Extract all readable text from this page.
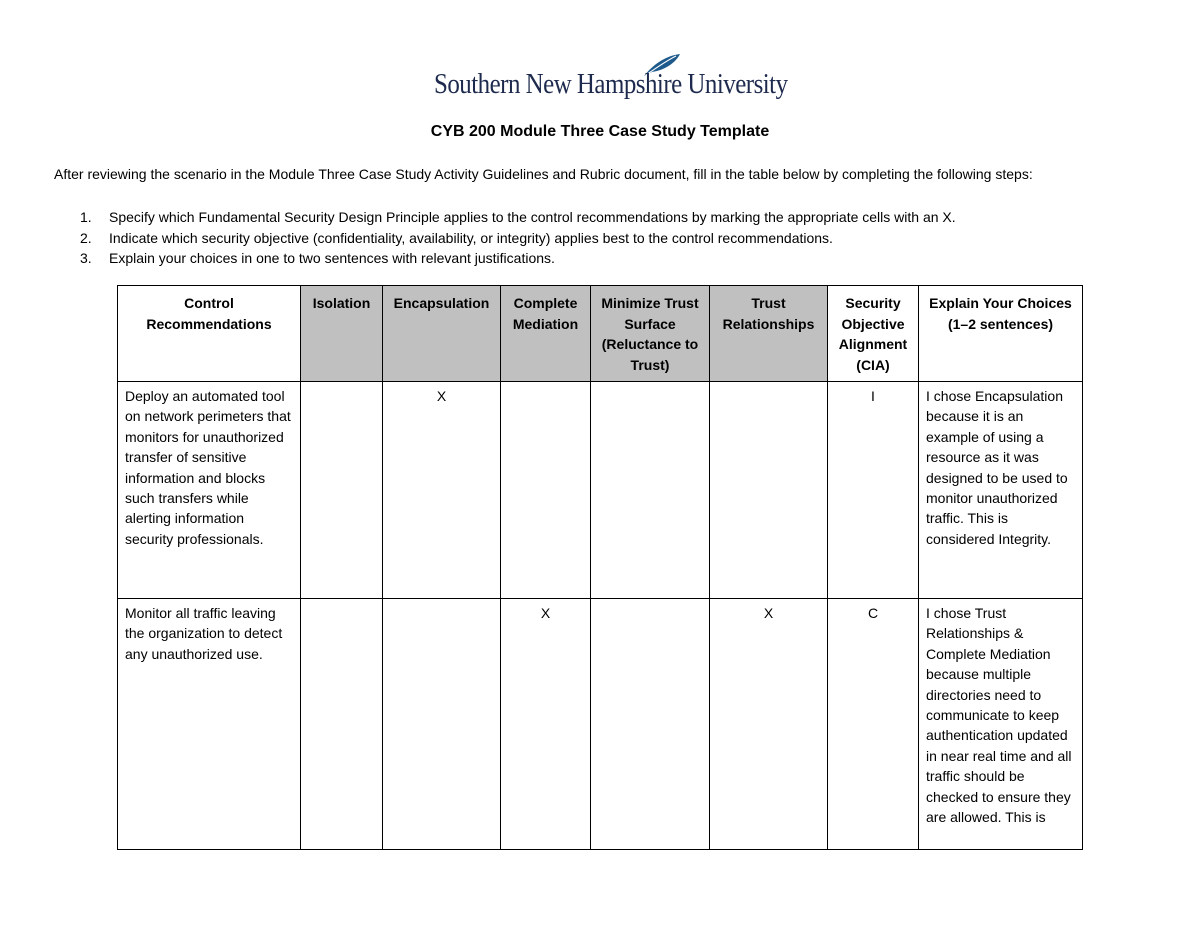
Southern New Hampshire University
CYB 200 Module Three Case Study Template
After reviewing the scenario in the Module Three Case Study Activity Guidelines and Rubric document, fill in the table below by completing the following steps:
1. Specify which Fundamental Security Design Principle applies to the control recommendations by marking the appropriate cells with an X.
2. Indicate which security objective (confidentiality, availability, or integrity) applies best to the control recommendations.
3. Explain your choices in one to two sentences with relevant justifications.
Control Recommendations	Isolation	Encapsulation	Complete Mediation	Minimize Trust Surface (Reluctance to Trust)	Trust Relationships	Security Objective Alignment (CIA)	Explain Your Choices
(1–2 sentences)

Deploy an automated tool on network perimeters that monitors for unauthorized transfer of sensitive information and blocks such transfers while alerting information security professionals.		X				I	I chose Encapsulation because it is an example of using a resource as it was designed to be used to monitor unauthorized traffic. This is considered Integrity.
Monitor all traffic leaving the organization to detect any unauthorized use.			X		X	C	I chose Trust Relationships & Complete Mediation because multiple directories need to communicate to keep authentication updated in near real time and all traffic should be checked to ensure they are allowed. This is
